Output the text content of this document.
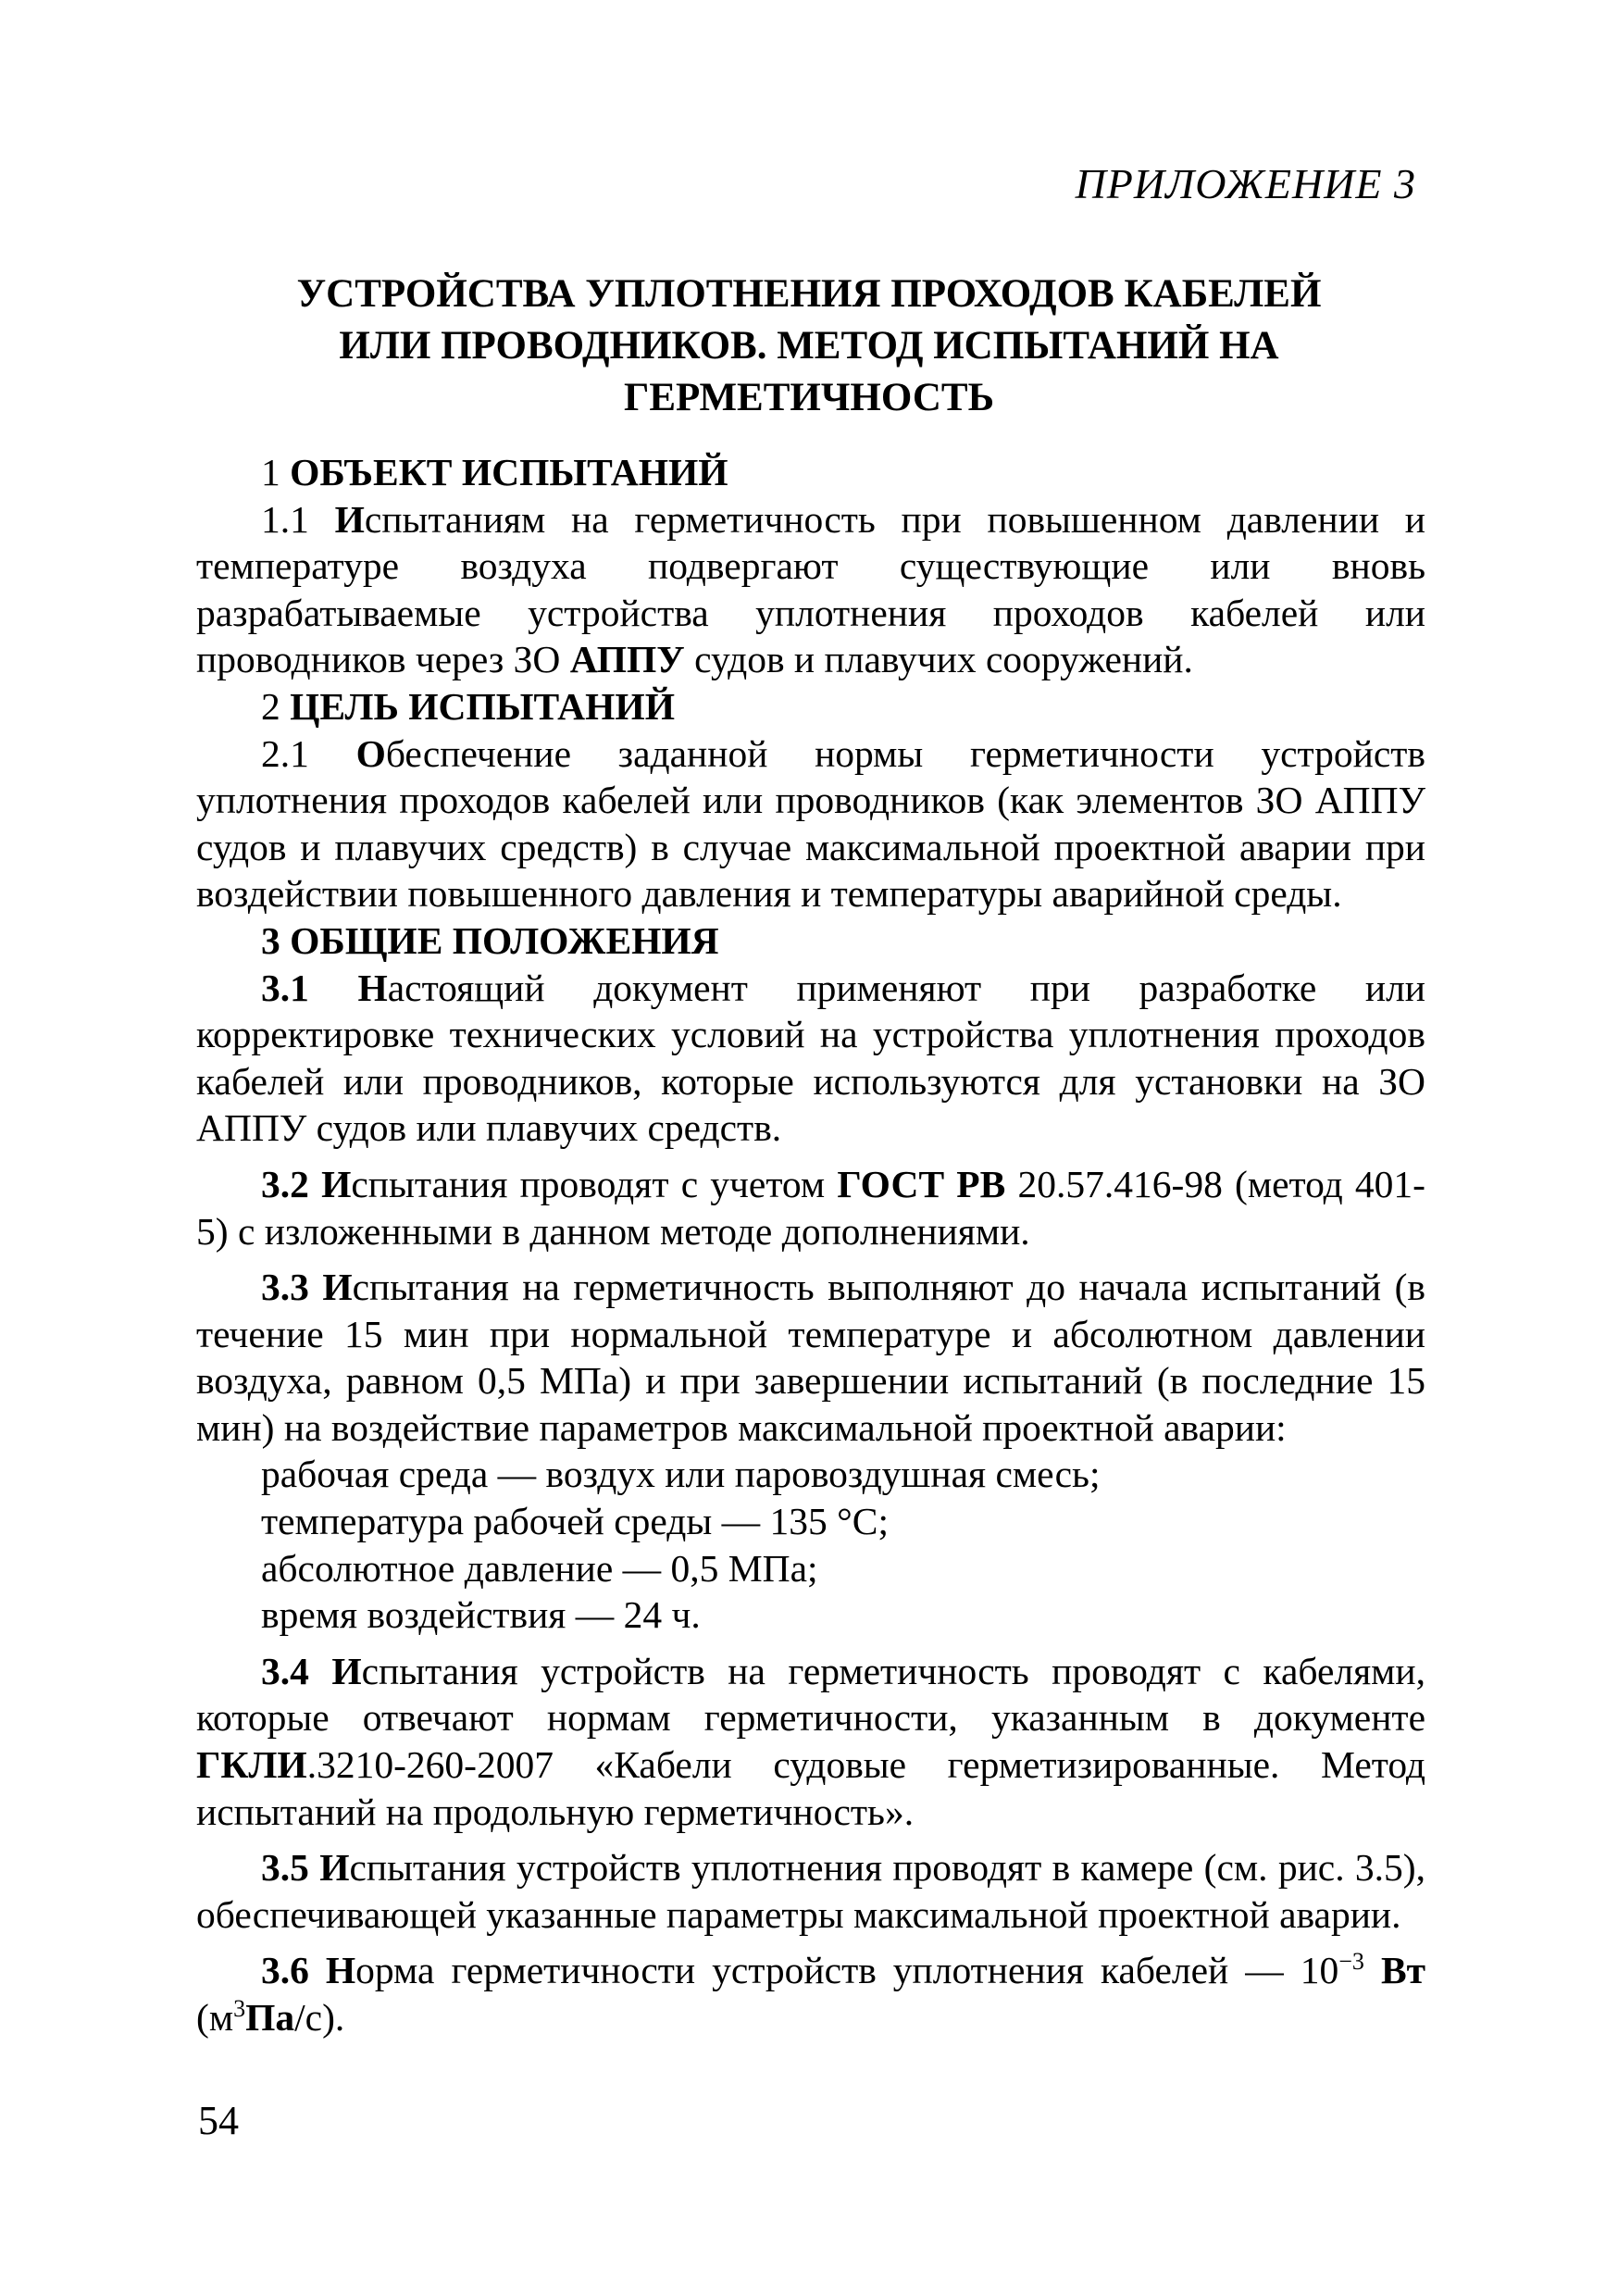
ПРИЛОЖЕНИЕ 3
УСТРОЙСТВА УПЛОТНЕНИЯ ПРОХОДОВ КАБЕЛЕЙ
ИЛИ ПРОВОДНИКОВ. МЕТОД ИСПЫТАНИЙ НА ГЕРМЕТИЧНОСТЬ

1 ОБЪЕКТ ИСПЫТАНИЙ

1.1 Испытаниям на герметичность при повышенном давлении и температуре воздуха подвергают существующие или вновь разрабатываемые устройства уплотнения проходов кабелей или проводников через ЗО АППУ судов и плавучих сооружений.

2 ЦЕЛЬ ИСПЫТАНИЙ

2.1 Обеспечение заданной нормы герметичности устройств уплотнения проходов кабелей или проводников (как элементов ЗО АППУ судов и плавучих средств) в случае максимальной проектной аварии при воздействии повышенного давления и температуры аварийной среды.

3 ОБЩИЕ ПОЛОЖЕНИЯ

3.1 Настоящий документ применяют при разработке или корректировке технических условий на устройства уплотнения проходов кабелей или проводников, которые используются для установки на ЗО АППУ судов или плавучих средств.

3.2 Испытания проводят с учетом ГОСТ РВ 20.57.416-98 (метод 401-5) с изложенными в данном методе дополнениями.

3.3 Испытания на герметичность выполняют до начала испытаний (в течение 15 мин при нормальной температуре и абсолютном давлении воздуха, равном 0,5 МПа) и при завершении испытаний (в последние 15 мин) на воздействие параметров максимальной проектной аварии:

рабочая среда — воздух или паровоздушная смесь;

температура рабочей среды — 135 °С;

абсолютное давление — 0,5 МПа;

время воздействия — 24 ч.

3.4 Испытания устройств на герметичность проводят с кабелями, которые отвечают нормам герметичности, указанным в документе ГКЛИ.3210-260-2007 «Кабели судовые герметизированные. Метод испытаний на продольную герметичность».

3.5 Испытания устройств уплотнения проводят в камере (см. рис. 3.5), обеспечивающей указанные параметры максимальной проектной аварии.

3.6 Норма герметичности устройств уплотнения кабелей — $10^{-3}$ Вт $(м^3Па/с)$.

54
